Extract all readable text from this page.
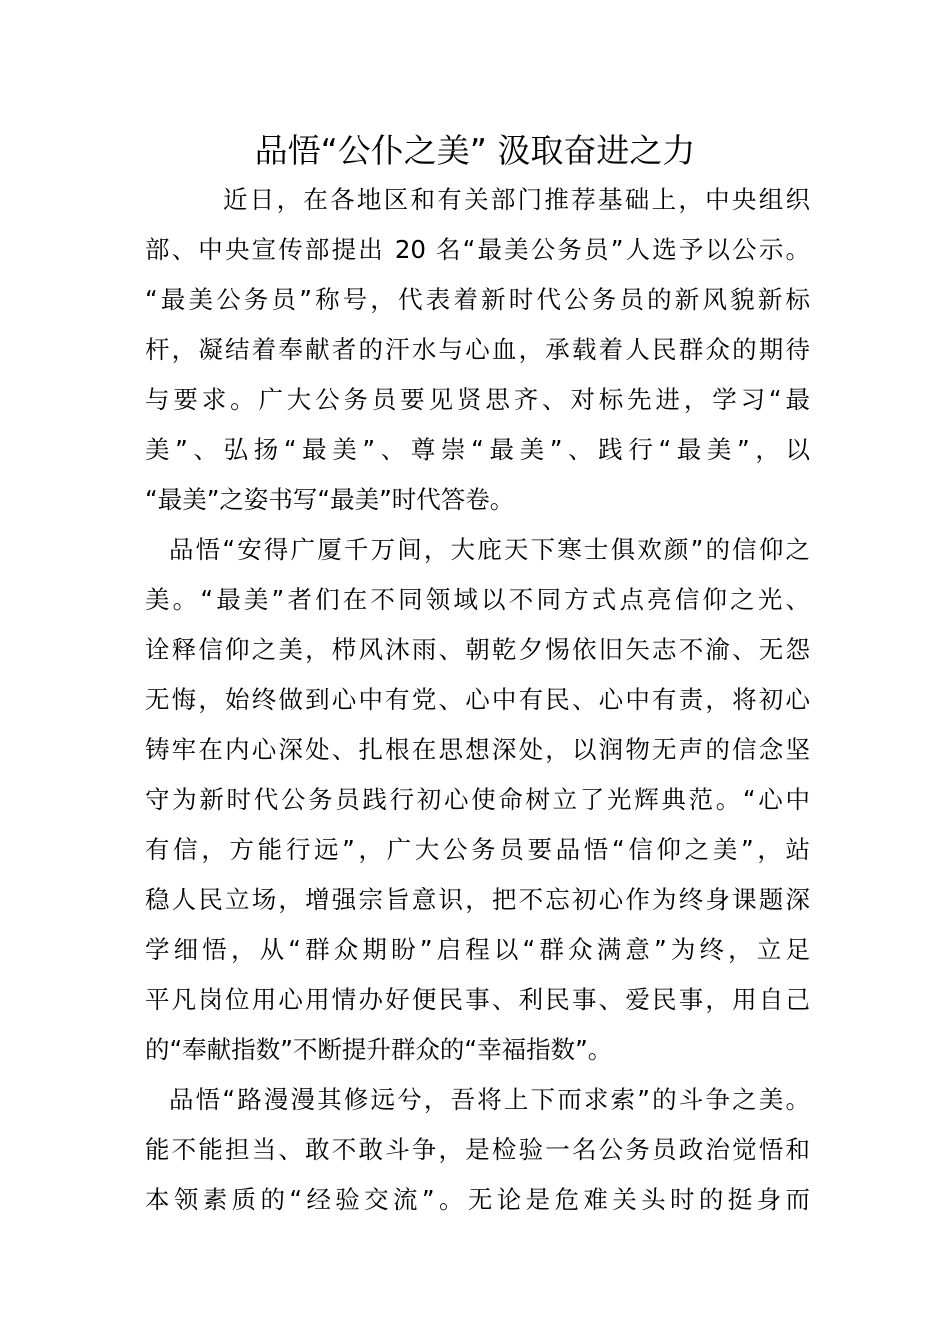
品悟“公仆之美” 汲取奋进之力
近日，在各地区和有关部门推荐基础上，中央组织
部、中央宣传部提出 20 名“最美公务员”人选予以公示。
“最美公务员”称号，代表着新时代公务员的新风貌新标
杆，凝结着奉献者的汗水与心血，承载着人民群众的期待
与要求。广大公务员要见贤思齐、对标先进，学习“最
美”、弘扬“最美”、尊崇“最美”、践行“最美”，以
“最美”之姿书写“最美”时代答卷。
品悟“安得广厦千万间，大庇天下寒士俱欢颜”的信仰之
美。“最美”者们在不同领域以不同方式点亮信仰之光、
诠释信仰之美，栉风沐雨、朝乾夕惕依旧矢志不渝、无怨
无悔，始终做到心中有党、心中有民、心中有责，将初心
铸牢在内心深处、扎根在思想深处，以润物无声的信念坚
守为新时代公务员践行初心使命树立了光辉典范。“心中
有信，方能行远”，广大公务员要品悟“信仰之美”，站
稳人民立场，增强宗旨意识，把不忘初心作为终身课题深
学细悟，从“群众期盼”启程以“群众满意”为终，立足
平凡岗位用心用情办好便民事、利民事、爱民事，用自己
的“奉献指数”不断提升群众的“幸福指数”。
品悟“路漫漫其修远兮，吾将上下而求索”的斗争之美。
能不能担当、敢不敢斗争，是检验一名公务员政治觉悟和
本领素质的“经验交流”。无论是危难关头时的挺身而
